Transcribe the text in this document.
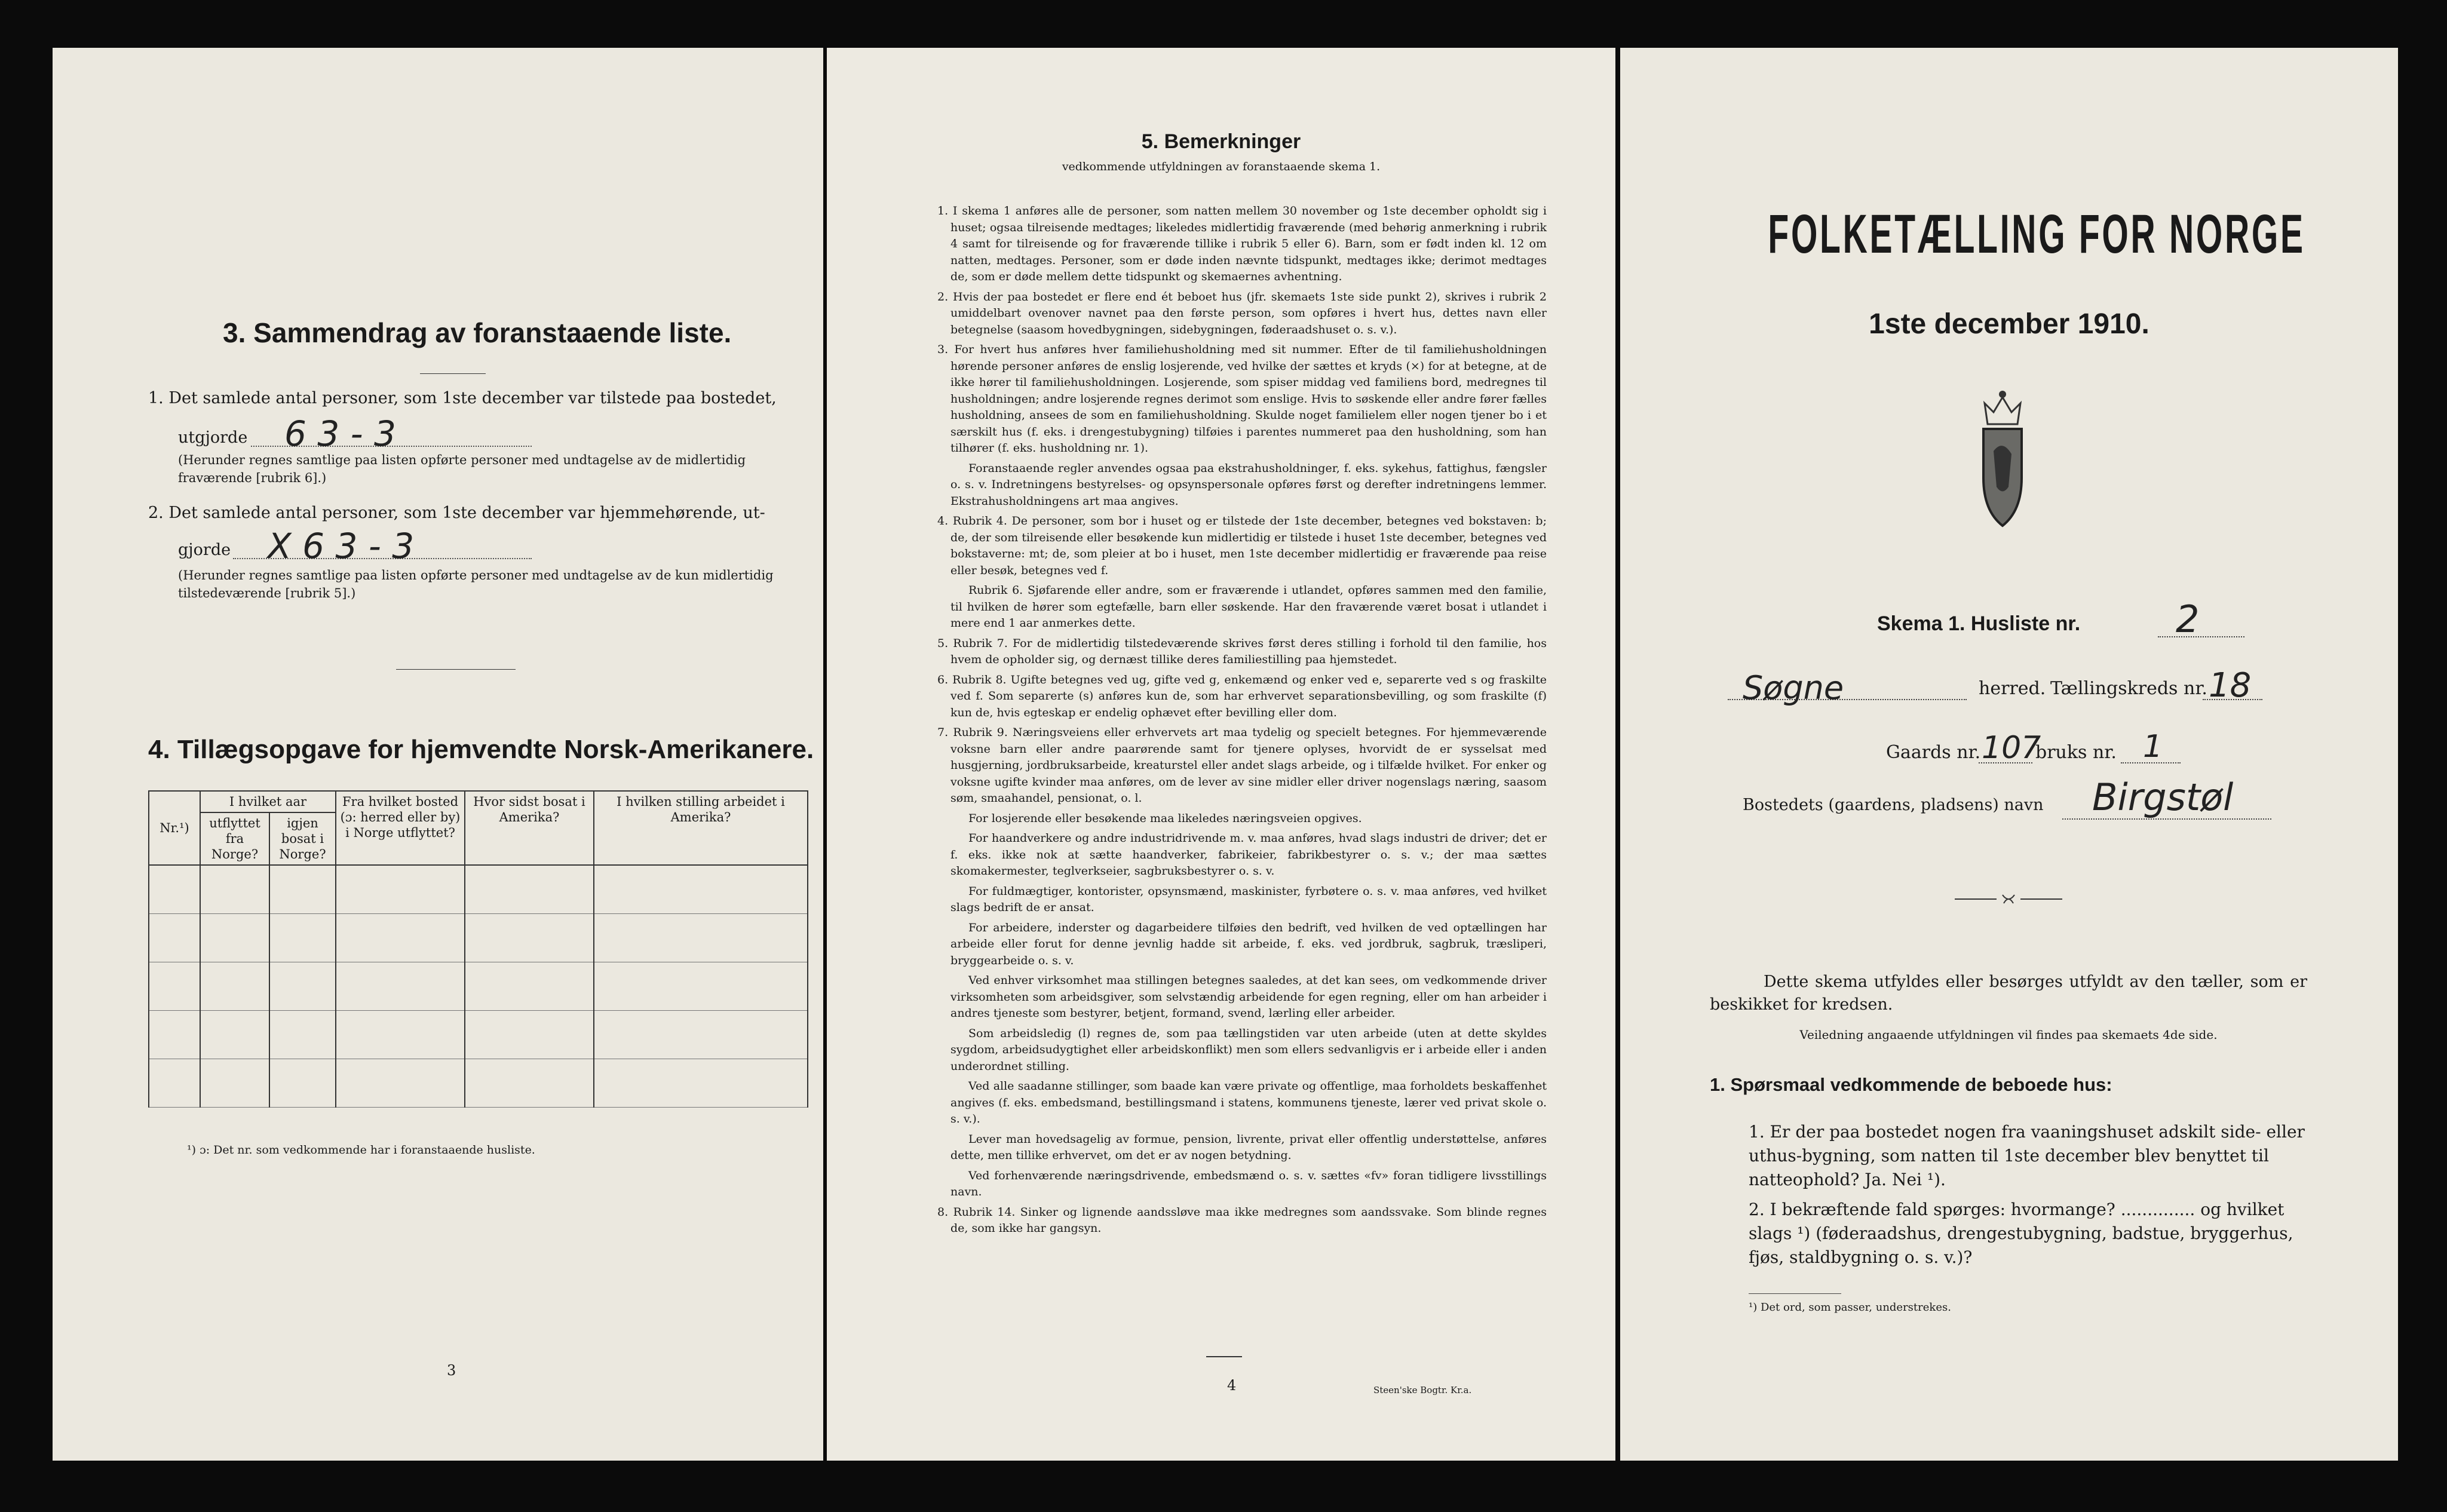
3. Sammendrag av foranstaaende liste.
1. Det samlede antal personer, som 1ste december var tilstede paa bostedet,
utgjorde 6 3 - 3
(Herunder regnes samtlige paa listen opførte personer med undtagelse av de midlertidig fraværende [rubrik 6].)
2. Det samlede antal personer, som 1ste december var hjemmehørende, ut-
gjorde X 6 3 - 3
(Herunder regnes samtlige paa listen opførte personer med undtagelse av de kun midlertidig tilstedeværende [rubrik 5].)
4. Tillægsopgave for hjemvendte Norsk-Amerikanere.
Nr.¹)	I hvilket aar		Fra hvilket bosted (ɔ: herred eller by) i Norge utflyttet?	Hvor sidst bosat i Amerika?	I hvilken stilling arbeidet i Amerika?
	utflyttet fra Norge?	igjen bosat i Norge?			

¹) ɔ: Det nr. som vedkommende har i foranstaaende husliste.
3
5. Bemerkninger
vedkommende utfyldningen av foranstaaende skema 1.
1. I skema 1 anføres alle de personer, som natten mellem 30 november og 1ste december opholdt sig i huset; ogsaa tilreisende medtages; likeledes midlertidig fraværende (med behørig anmerkning i rubrik 4 samt for tilreisende og for fraværende tillike i rubrik 5 eller 6). Barn, som er født inden kl. 12 om natten, medtages. Personer, som er døde inden nævnte tidspunkt, medtages ikke; derimot medtages de, som er døde mellem dette tidspunkt og skemaernes avhentning.
2. Hvis der paa bostedet er flere end ét beboet hus (jfr. skemaets 1ste side punkt 2), skrives i rubrik 2 umiddelbart ovenover navnet paa den første person, som opføres i hvert hus, dettes navn eller betegnelse (saasom hovedbygningen, sidebygningen, føderaadshuset o. s. v.).
3. For hvert hus anføres hver familiehusholdning med sit nummer. Efter de til familiehusholdningen hørende personer anføres de enslig losjerende, ved hvilke der sættes et kryds (×) for at betegne, at de ikke hører til familiehusholdningen. Losjerende, som spiser middag ved familiens bord, medregnes til husholdningen; andre losjerende regnes derimot som enslige. Hvis to søskende eller andre fører fælles husholdning, ansees de som en familiehusholdning. Skulde noget familielem eller nogen tjener bo i et særskilt hus (f. eks. i drengestubygning) tilføies i parentes nummeret paa den husholdning, som han tilhører (f. eks. husholdning nr. 1).
Foranstaaende regler anvendes ogsaa paa ekstrahusholdninger, f. eks. sykehus, fattighus, fængsler o. s. v. Indretningens bestyrelses- og opsynspersonale opføres først og derefter indretningens lemmer. Ekstrahusholdningens art maa angives.
4. Rubrik 4. De personer, som bor i huset og er tilstede der 1ste december, betegnes ved bokstaven: b; de, der som tilreisende eller besøkende kun midlertidig er tilstede i huset 1ste december, betegnes ved bokstaverne: mt; de, som pleier at bo i huset, men 1ste december midlertidig er fraværende paa reise eller besøk, betegnes ved f.
Rubrik 6. Sjøfarende eller andre, som er fraværende i utlandet, opføres sammen med den familie, til hvilken de hører som egtefælle, barn eller søskende. Har den fraværende været bosat i utlandet i mere end 1 aar anmerkes dette.
5. Rubrik 7. For de midlertidig tilstedeværende skrives først deres stilling i forhold til den familie, hos hvem de opholder sig, og dernæst tillike deres familiestilling paa hjemstedet.
6. Rubrik 8. Ugifte betegnes ved ug, gifte ved g, enkemænd og enker ved e, separerte ved s og fraskilte ved f. Som separerte (s) anføres kun de, som har erhvervet separationsbevilling, og som fraskilte (f) kun de, hvis egteskap er endelig ophævet efter bevilling eller dom.
7. Rubrik 9. Næringsveiens eller erhvervets art maa tydelig og specielt betegnes. For hjemmeværende voksne barn eller andre paarørende samt for tjenere oplyses, hvorvidt de er sysselsat med husgjerning, jordbruksarbeide, kreaturstel eller andet slags arbeide, og i tilfælde hvilket. For enker og voksne ugifte kvinder maa anføres, om de lever av sine midler eller driver nogenslags næring, saasom søm, smaahandel, pensionat, o. l.
For losjerende eller besøkende maa likeledes næringsveien opgives.
For haandverkere og andre industridrivende m. v. maa anføres, hvad slags industri de driver; det er f. eks. ikke nok at sætte haandverker, fabrikeier, fabrikbestyrer o. s. v.; der maa sættes skomakermester, teglverkseier, sagbruksbestyrer o. s. v.
For fuldmægtiger, kontorister, opsynsmænd, maskinister, fyrbøtere o. s. v. maa anføres, ved hvilket slags bedrift de er ansat.
For arbeidere, inderster og dagarbeidere tilføies den bedrift, ved hvilken de ved optællingen har arbeide eller forut for denne jevnlig hadde sit arbeide, f. eks. ved jordbruk, sagbruk, træsliperi, bryggearbeide o. s. v.
Ved enhver virksomhet maa stillingen betegnes saaledes, at det kan sees, om vedkommende driver virksomheten som arbeidsgiver, som selvstændig arbeidende for egen regning, eller om han arbeider i andres tjeneste som bestyrer, betjent, formand, svend, lærling eller arbeider.
Som arbeidsledig (l) regnes de, som paa tællingstiden var uten arbeide (uten at dette skyldes sygdom, arbeidsudygtighet eller arbeidskonflikt) men som ellers sedvanligvis er i arbeide eller i anden underordnet stilling.
Ved alle saadanne stillinger, som baade kan være private og offentlige, maa forholdets beskaffenhet angives (f. eks. embedsmand, bestillingsmand i statens, kommunens tjeneste, lærer ved privat skole o. s. v.).
Lever man hovedsagelig av formue, pension, livrente, privat eller offentlig understøttelse, anføres dette, men tillike erhvervet, om det er av nogen betydning.
Ved forhenværende næringsdrivende, embedsmænd o. s. v. sættes «fv» foran tidligere livsstillings navn.
8. Rubrik 14. Sinker og lignende aandssløve maa ikke medregnes som aandssvake. Som blinde regnes de, som ikke har gangsyn.
4	Steen'ske Bogtr. Kr.a.
FOLKETÆLLING FOR NORGE
1ste december 1910.
Skema 1. Husliste nr.	2
Søgne	herred. Tællingskreds nr. 18
Gaards nr. 107
bruks nr. 1
Bostedets (gaardens, pladsens) navn Birgstøl
Dette skema utfyldes eller besørges utfyldt av den tæller, som er beskikket for kredsen.
Veiledning angaaende utfyldningen vil findes paa skemaets 4de side.
1. Spørsmaal vedkommende de beboede hus:
1. Er der paa bostedet nogen fra vaaningshuset adskilt side- eller uthus-bygning, som natten til 1ste december blev benyttet til natteophold? Ja. Nei ¹).
2. I bekræftende fald spørges: hvormange? .............. og hvilket slags ¹) (føderaadshus, drengestubygning, badstue, bryggerhus, fjøs, staldbygning o. s. v.)?
¹) Det ord, som passer, understrekes.
